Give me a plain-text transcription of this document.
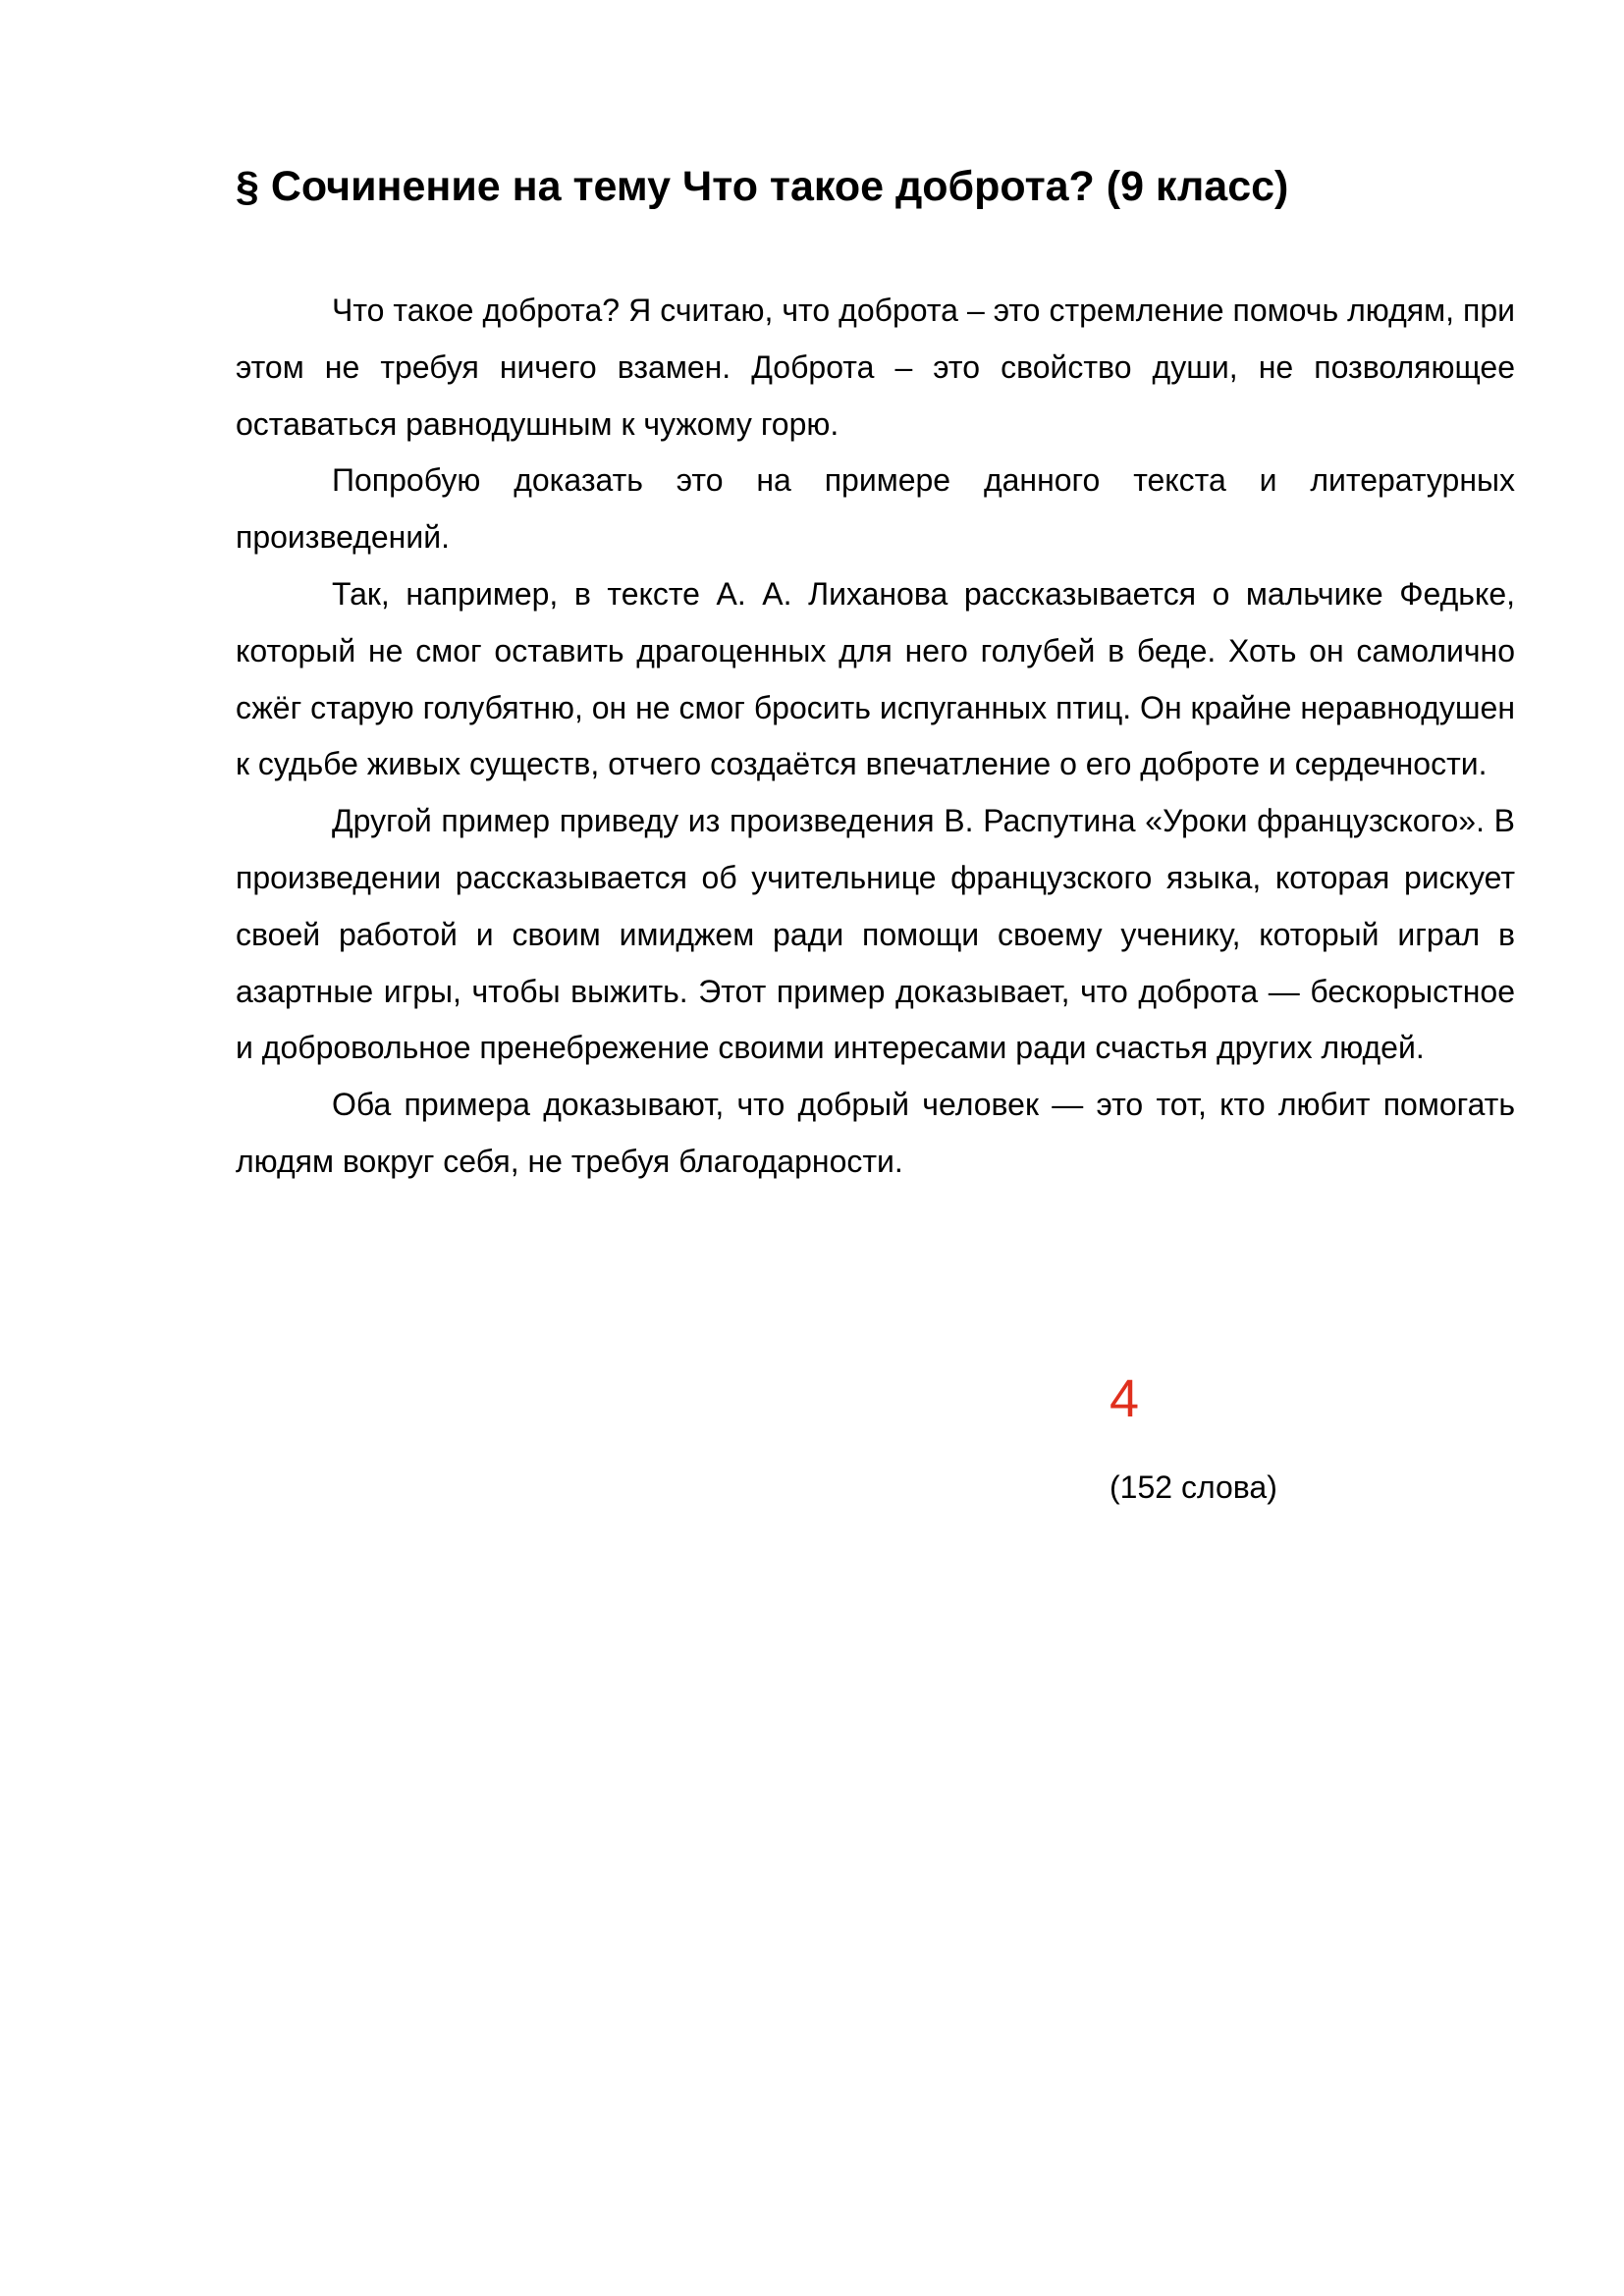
§ Сочинение на тему Что такое доброта? (9 класс)

Что такое доброта? Я считаю, что доброта – это стремление помочь людям, при этом не требуя ничего взамен. Доброта – это свойство души, не позволяющее оставаться равнодушным к чужому горю.

Попробую доказать это на примере данного текста и литературных произведений.

Так, например, в тексте А. А. Лиханова рассказывается о мальчике Федьке, который не смог оставить драгоценных для него голубей в беде. Хоть он самолично сжёг старую голубятню, он не смог бросить испуганных птиц. Он крайне неравнодушен к судьбе живых существ, отчего создаётся впечатление о его доброте и сердечности.

Другой пример приведу из произведения В. Распутина «Уроки французского». В произведении рассказывается об учительнице французского языка, которая рискует своей работой и своим имиджем ради помощи своему ученику, который играл в азартные игры, чтобы выжить. Этот пример доказывает, что доброта — бескорыстное и добровольное пренебрежение своими интересами ради счастья других людей.

Оба примера доказывают, что добрый человек — это тот, кто любит помогать людям вокруг себя, не требуя благодарности.

4

(152 слова)
